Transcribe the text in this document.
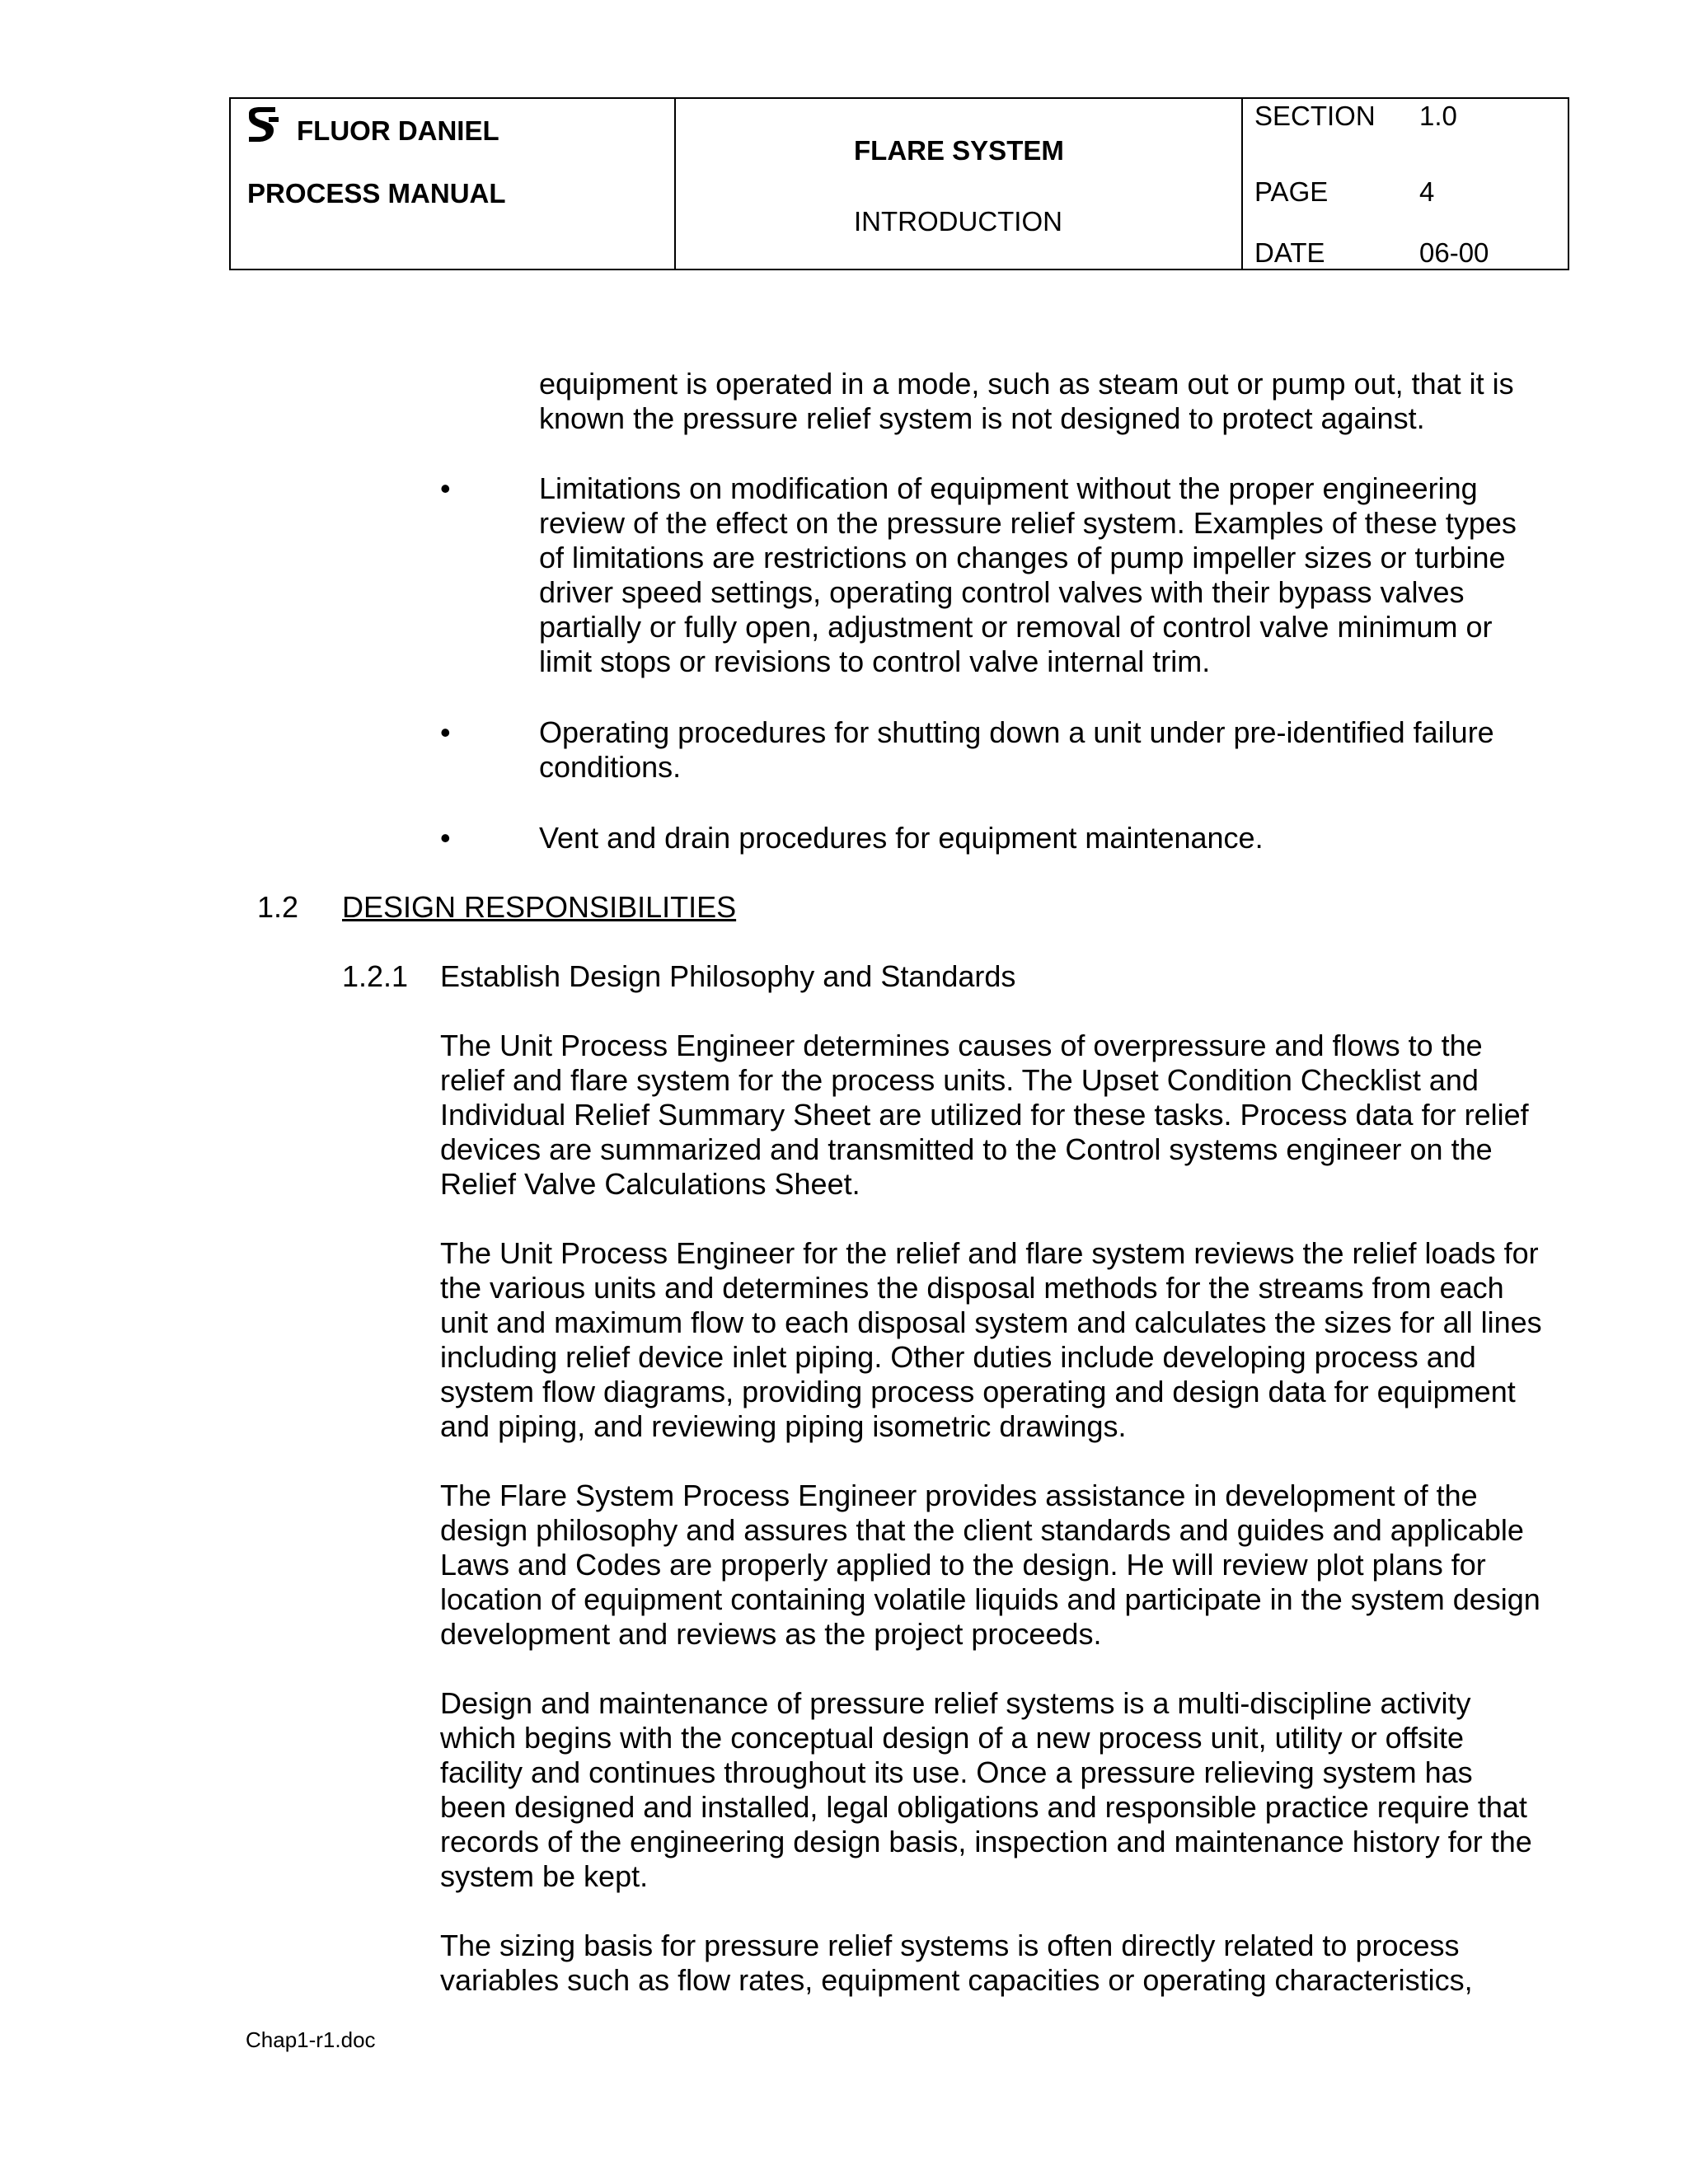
FLUOR DANIEL
PROCESS MANUAL
FLARE SYSTEM
INTRODUCTION
SECTION 1.0
PAGE	4
DATE	06-00
equipment is operated in a mode, such as steam out or pump out, that it is
known the pressure relief system is not designed to protect against.
•	Limitations on modification of equipment without the proper engineering
review of the effect on the pressure relief system. Examples of these types
of limitations are restrictions on changes of pump impeller sizes or turbine
driver speed settings, operating control valves with their bypass valves
partially or fully open, adjustment or removal of control valve minimum or
limit stops or revisions to control valve internal trim.
•	Operating procedures for shutting down a unit under pre-identified failure
conditions.
•	Vent and drain procedures for equipment maintenance.
1.2 DESIGN RESPONSIBILITIES
1.2.1 Establish Design Philosophy and Standards
The Unit Process Engineer determines causes of overpressure and flows to the
relief and flare system for the process units. The Upset Condition Checklist and
Individual Relief Summary Sheet are utilized for these tasks. Process data for relief
devices are summarized and transmitted to the Control systems engineer on the
Relief Valve Calculations Sheet.
The Unit Process Engineer for the relief and flare system reviews the relief loads for
the various units and determines the disposal methods for the streams from each
unit and maximum flow to each disposal system and calculates the sizes for all lines
including relief device inlet piping. Other duties include developing process and
system flow diagrams, providing process operating and design data for equipment
and piping, and reviewing piping isometric drawings.
The Flare System Process Engineer provides assistance in development of the
design philosophy and assures that the client standards and guides and applicable
Laws and Codes are properly applied to the design. He will review plot plans for
location of equipment containing volatile liquids and participate in the system design
development and reviews as the project proceeds.
Design and maintenance of pressure relief systems is a multi-discipline activity
which begins with the conceptual design of a new process unit, utility or offsite
facility and continues throughout its use. Once a pressure relieving system has
been designed and installed, legal obligations and responsible practice require that
records of the engineering design basis, inspection and maintenance history for the
system be kept.
The sizing basis for pressure relief systems is often directly related to process
variables such as flow rates, equipment capacities or operating characteristics,
Chap1-r1.doc
